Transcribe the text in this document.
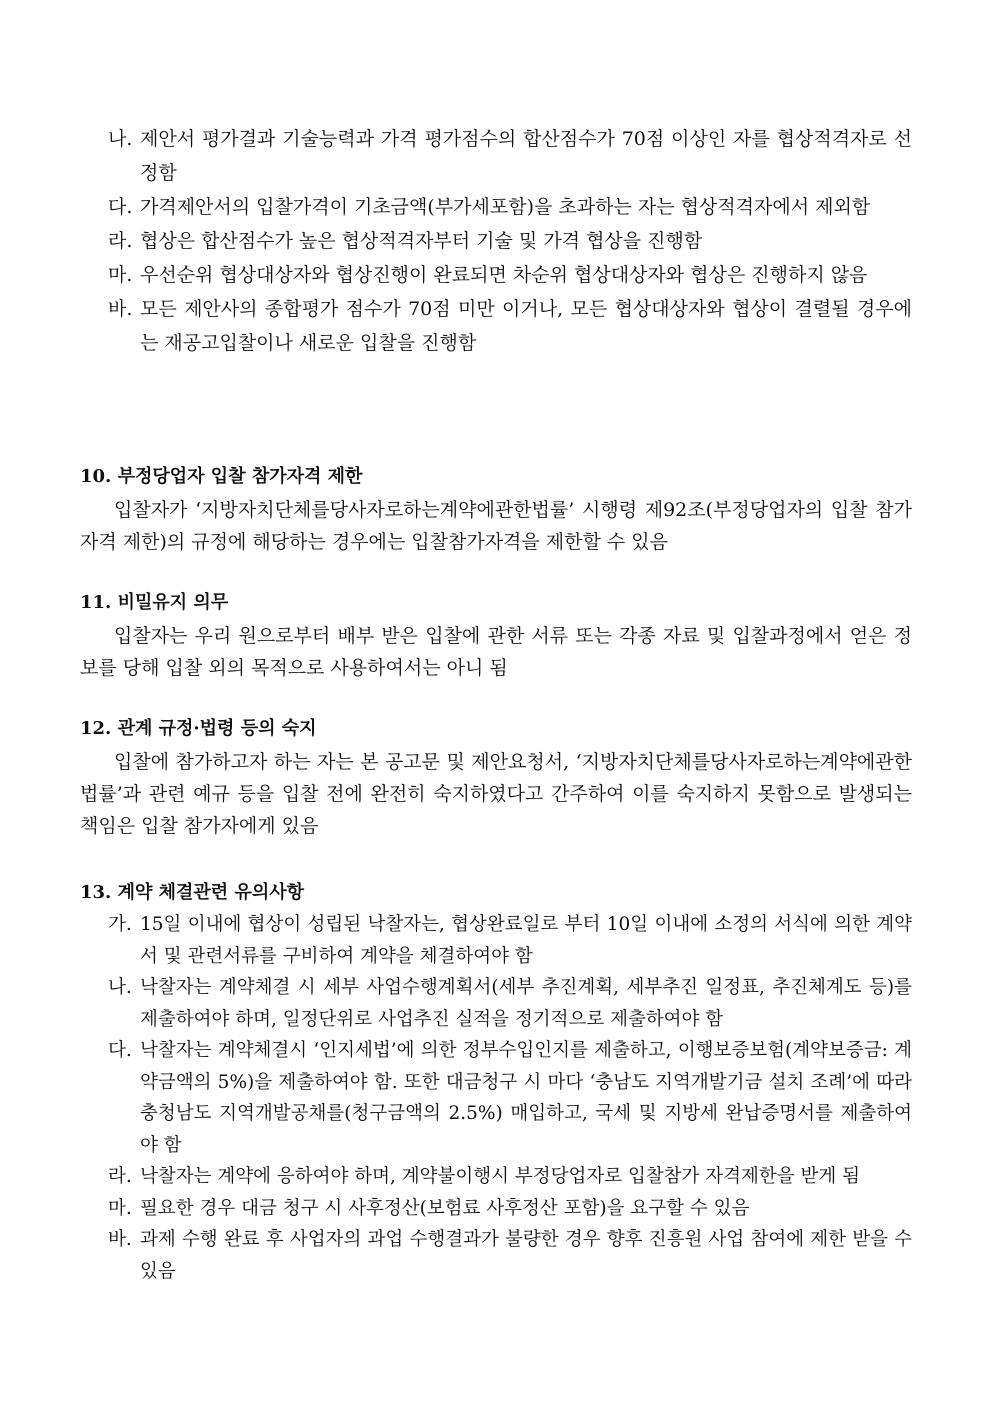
나. 제안서 평가결과 기술능력과 가격 평가점수의 합산점수가 70점 이상인 자를 협상적격자로 선정함
다. 가격제안서의 입찰가격이 기초금액(부가세포함)을 초과하는 자는 협상적격자에서 제외함
라. 협상은 합산점수가 높은 협상적격자부터 기술 및 가격 협상을 진행함
마. 우선순위 협상대상자와 협상진행이 완료되면 차순위 협상대상자와 협상은 진행하지 않음
바. 모든 제안사의 종합평가 점수가 70점 미만 이거나, 모든 협상대상자와 협상이 결렬될 경우에는 재공고입찰이나 새로운 입찰을 진행함
10. 부정당업자 입찰 참가자격 제한
입찰자가 ‘지방자치단체를당사자로하는계약에관한법률’ 시행령 제92조(부정당업자의 입찰 참가자격 제한)의 규정에 해당하는 경우에는 입찰참가자격을 제한할 수 있음
11. 비밀유지 의무
입찰자는 우리 원으로부터 배부 받은 입찰에 관한 서류 또는 각종 자료 및 입찰과정에서 얻은 정보를 당해 입찰 외의 목적으로 사용하여서는 아니 됨
12. 관계 규정·법령 등의 숙지
입찰에 참가하고자 하는 자는 본 공고문 및 제안요청서, ‘지방자치단체를당사자로하는계약에관한법률’과 관련 예규 등을 입찰 전에 완전히 숙지하였다고 간주하여 이를 숙지하지 못함으로 발생되는 책임은 입찰 참가자에게 있음
13. 계약 체결관련 유의사항
가. 15일 이내에 협상이 성립된 낙찰자는, 협상완료일로 부터 10일 이내에 소정의 서식에 의한 계약서 및 관련서류를 구비하여 계약을 체결하여야 함
나. 낙찰자는 계약체결 시 세부 사업수행계획서(세부 추진계획, 세부추진 일정표, 추진체계도 등)를 제출하여야 하며, 일정단위로 사업추진 실적을 정기적으로 제출하여야 함
다. 낙찰자는 계약체결시 ‘인지세법’에 의한 정부수입인지를 제출하고, 이행보증보험(계약보증금: 계약금액의 5%)을 제출하여야 함. 또한 대금청구 시 마다 ‘충남도 지역개발기금 설치 조례’에 따라 충청남도 지역개발공채를(청구금액의 2.5%) 매입하고, 국세 및 지방세 완납증명서를 제출하여야 함
라. 낙찰자는 계약에 응하여야 하며, 계약불이행시 부정당업자로 입찰참가 자격제한을 받게 됨
마. 필요한 경우 대금 청구 시 사후정산(보험료 사후정산 포함)을 요구할 수 있음
바. 과제 수행 완료 후 사업자의 과업 수행결과가 불량한 경우 향후 진흥원 사업 참여에 제한 받을 수 있음
